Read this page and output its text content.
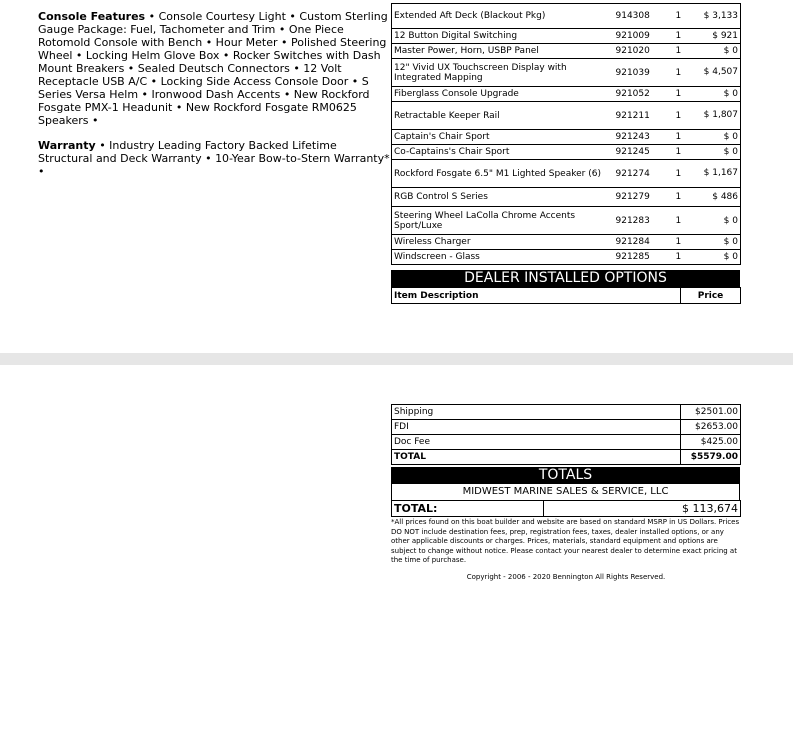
Console Features • Console Courtesy Light • Custom Sterling Gauge Package: Fuel, Tachometer and Trim • One Piece Rotomold Console with Bench • Hour Meter • Polished Steering Wheel • Locking Helm Glove Box • Rocker Switches with Dash Mount Breakers • Sealed Deutsch Connectors • 12 Volt Receptacle USB A/C • Locking Side Access Console Door • S Series Versa Helm • Ironwood Dash Accents • New Rockford Fosgate PMX-1 Headunit • New Rockford Fosgate RM0625 Speakers •

Warranty • Industry Leading Factory Backed Lifetime Structural and Deck Warranty • 10-Year Bow-to-Stern Warranty* •

Extended Aft Deck (Blackout Pkg)	914308	1	$ 3,133
12 Button Digital Switching	921009	1	$ 921
Master Power, Horn, USBP Panel	921020	1	$ 0
12" Vivid UX Touchscreen Display with Integrated Mapping	921039	1	$ 4,507
Fiberglass Console Upgrade	921052	1	$ 0
Retractable Keeper Rail	921211	1	$ 1,807
Captain's Chair Sport	921243	1	$ 0
Co-Captains's Chair Sport	921245	1	$ 0
Rockford Fosgate 6.5" M1 Lighted Speaker (6)	921274	1	$ 1,167
RGB Control S Series	921279	1	$ 486
Steering Wheel LaColla Chrome Accents Sport/Luxe	921283	1	$ 0
Wireless Charger	921284	1	$ 0
Windscreen - Glass	921285	1	$ 0
DEALER INSTALLED OPTIONS
Item Description	Price
Shipping	$2501.00
FDI	$2653.00
Doc Fee	$425.00
TOTAL	$5579.00
TOTALS
MIDWEST MARINE SALES & SERVICE, LLC
TOTAL:	$ 113,674
*All prices found on this boat builder and website are based on standard MSRP in US Dollars. Prices DO NOT include destination fees, prep, registration fees, taxes, dealer installed options, or any other applicable discounts or charges. Prices, materials, standard equipment and options are subject to change without notice. Please contact your nearest dealer to determine exact pricing at the time of purchase.
Copyright - 2006 - 2020 Bennington All Rights Reserved.
